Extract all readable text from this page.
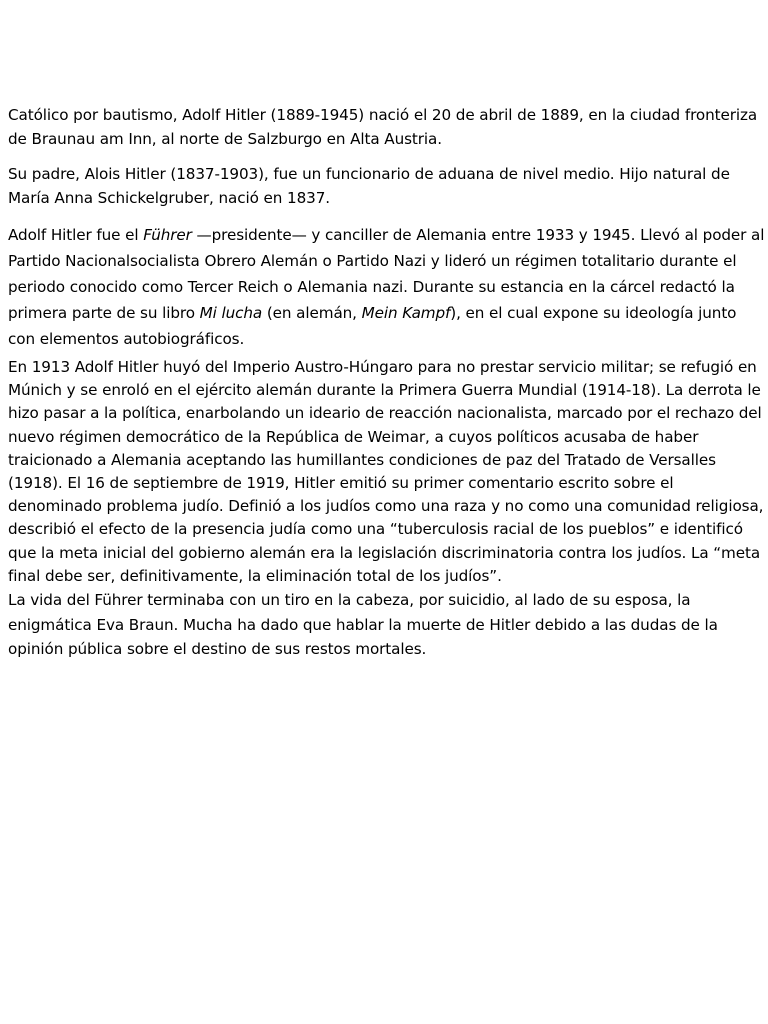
Católico por bautismo, Adolf Hitler (1889-1945) nació el 20 de abril de 1889, en la ciudad fronteriza de Braunau am Inn, al norte de Salzburgo en Alta Austria.

Su padre, Alois Hitler (1837-1903), fue un funcionario de aduana de nivel medio. Hijo natural de María Anna Schickelgruber, nació en 1837.

Adolf Hitler fue el Führer —presidente— y canciller de Alemania entre 1933 y 1945. Llevó al poder al Partido Nacionalsocialista Obrero Alemán o Partido Nazi y lideró un régimen totalitario durante el periodo conocido como Tercer Reich o Alemania nazi. Durante su estancia en la cárcel redactó la primera parte de su libro Mi lucha (en alemán, Mein Kampf), en el cual expone su ideología junto con elementos autobiográficos.

En 1913 Adolf Hitler huyó del Imperio Austro-Húngaro para no prestar servicio militar; se refugió en Múnich y se enroló en el ejército alemán durante la Primera Guerra Mundial (1914-18). La derrota le hizo pasar a la política, enarbolando un ideario de reacción nacionalista, marcado por el rechazo del nuevo régimen democrático de la República de Weimar, a cuyos políticos acusaba de haber traicionado a Alemania aceptando las humillantes condiciones de paz del Tratado de Versalles (1918). El 16 de septiembre de 1919, Hitler emitió su primer comentario escrito sobre el denominado problema judío. Definió a los judíos como una raza y no como una comunidad religiosa, describió el efecto de la presencia judía como una “tuberculosis racial de los pueblos” e identificó que la meta inicial del gobierno alemán era la legislación discriminatoria contra los judíos. La “meta final debe ser, definitivamente, la eliminación total de los judíos”.

La vida del Führer terminaba con un tiro en la cabeza, por suicidio, al lado de su esposa, la enigmática Eva Braun. Mucha ha dado que hablar la muerte de Hitler debido a las dudas de la opinión pública sobre el destino de sus restos mortales.
